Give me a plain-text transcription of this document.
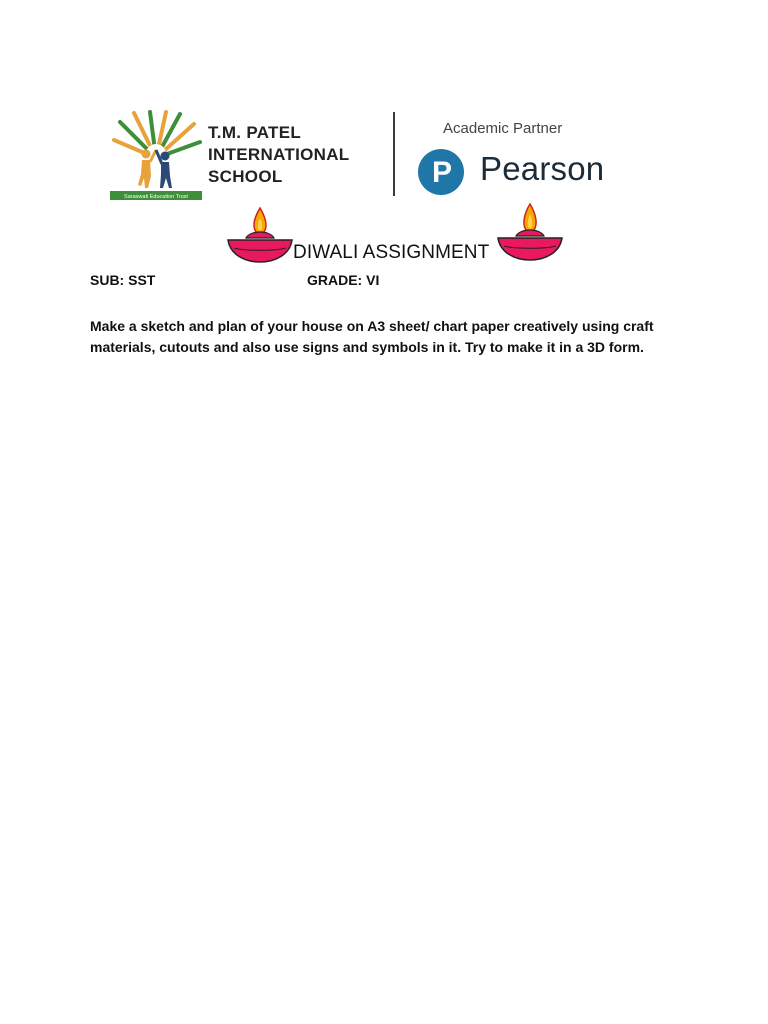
Saraswati Education Trust
T.M. PATEL
INTERNATIONAL
SCHOOL
Academic Partner
P Pearson
DIWALI ASSIGNMENT
SUB: SST	GRADE: VI
Make a sketch and plan of your house on A3 sheet/ chart paper creatively using craft materials, cutouts and also use signs and symbols in it. Try to make it in a 3D form.
